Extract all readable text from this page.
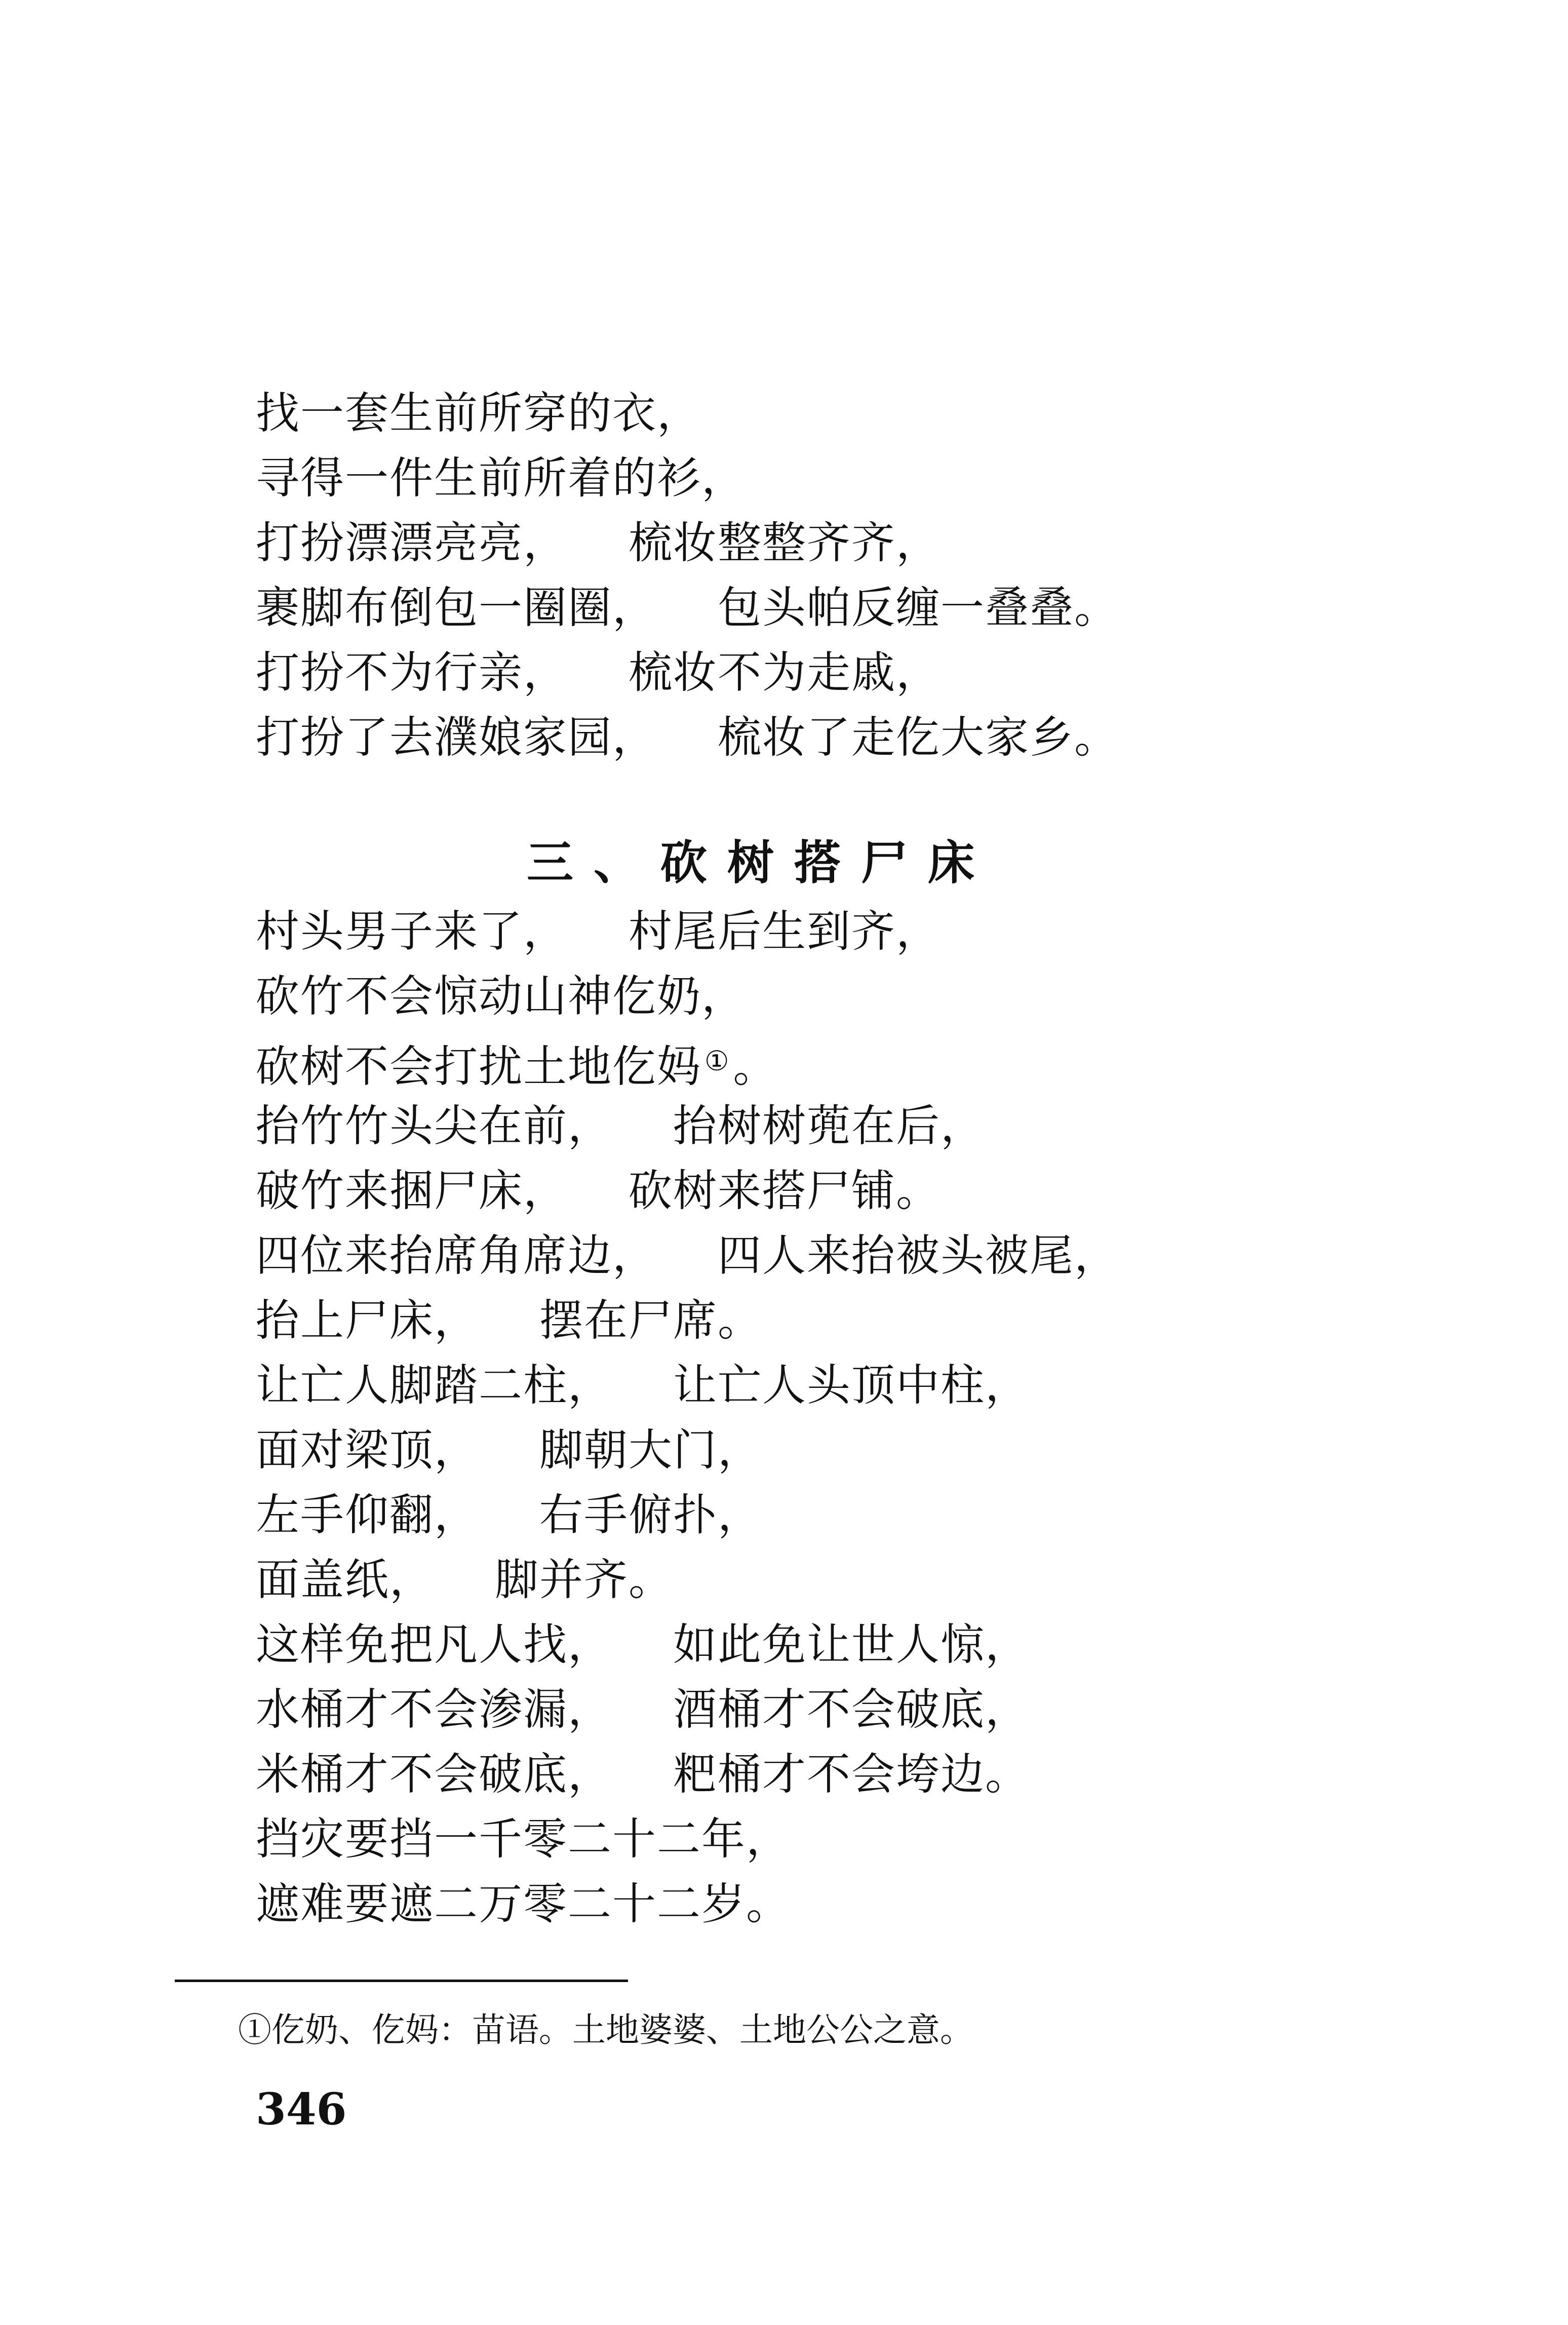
找一套生前所穿的衣，
寻得一件生前所着的衫，
打扮漂漂亮亮， 梳妆整整齐齐，
裹脚布倒包一圈圈， 包头帕反缠一叠叠。
打扮不为行亲， 梳妆不为走戚，
打扮了去濮娘家园， 梳妆了走仡大家乡。
三、砍树搭尸床
村头男子来了， 村尾后生到齐，
砍竹不会惊动山神仡奶，
砍树不会打扰土地仡妈 ①。
抬竹竹头尖在前， 抬树树蔸在后，
破竹来捆尸床， 砍树来搭尸铺。
四位来抬席角席边， 四人来抬被头被尾，
抬上尸床， 摆在尸席。
让亡人脚踏二柱， 让亡人头顶中柱，
面对梁顶， 脚朝大门，
左手仰翻， 右手俯扑，
面盖纸， 脚并齐。
这样免把凡人找， 如此免让世人惊，
水桶才不会渗漏， 酒桶才不会破底，
米桶才不会破底， 粑桶才不会垮边。
挡灾要挡一千零二十二年，
遮难要遮二万零二十二岁。

①仡奶、仡妈：苗语。土地婆婆、土地公公之意。

346
